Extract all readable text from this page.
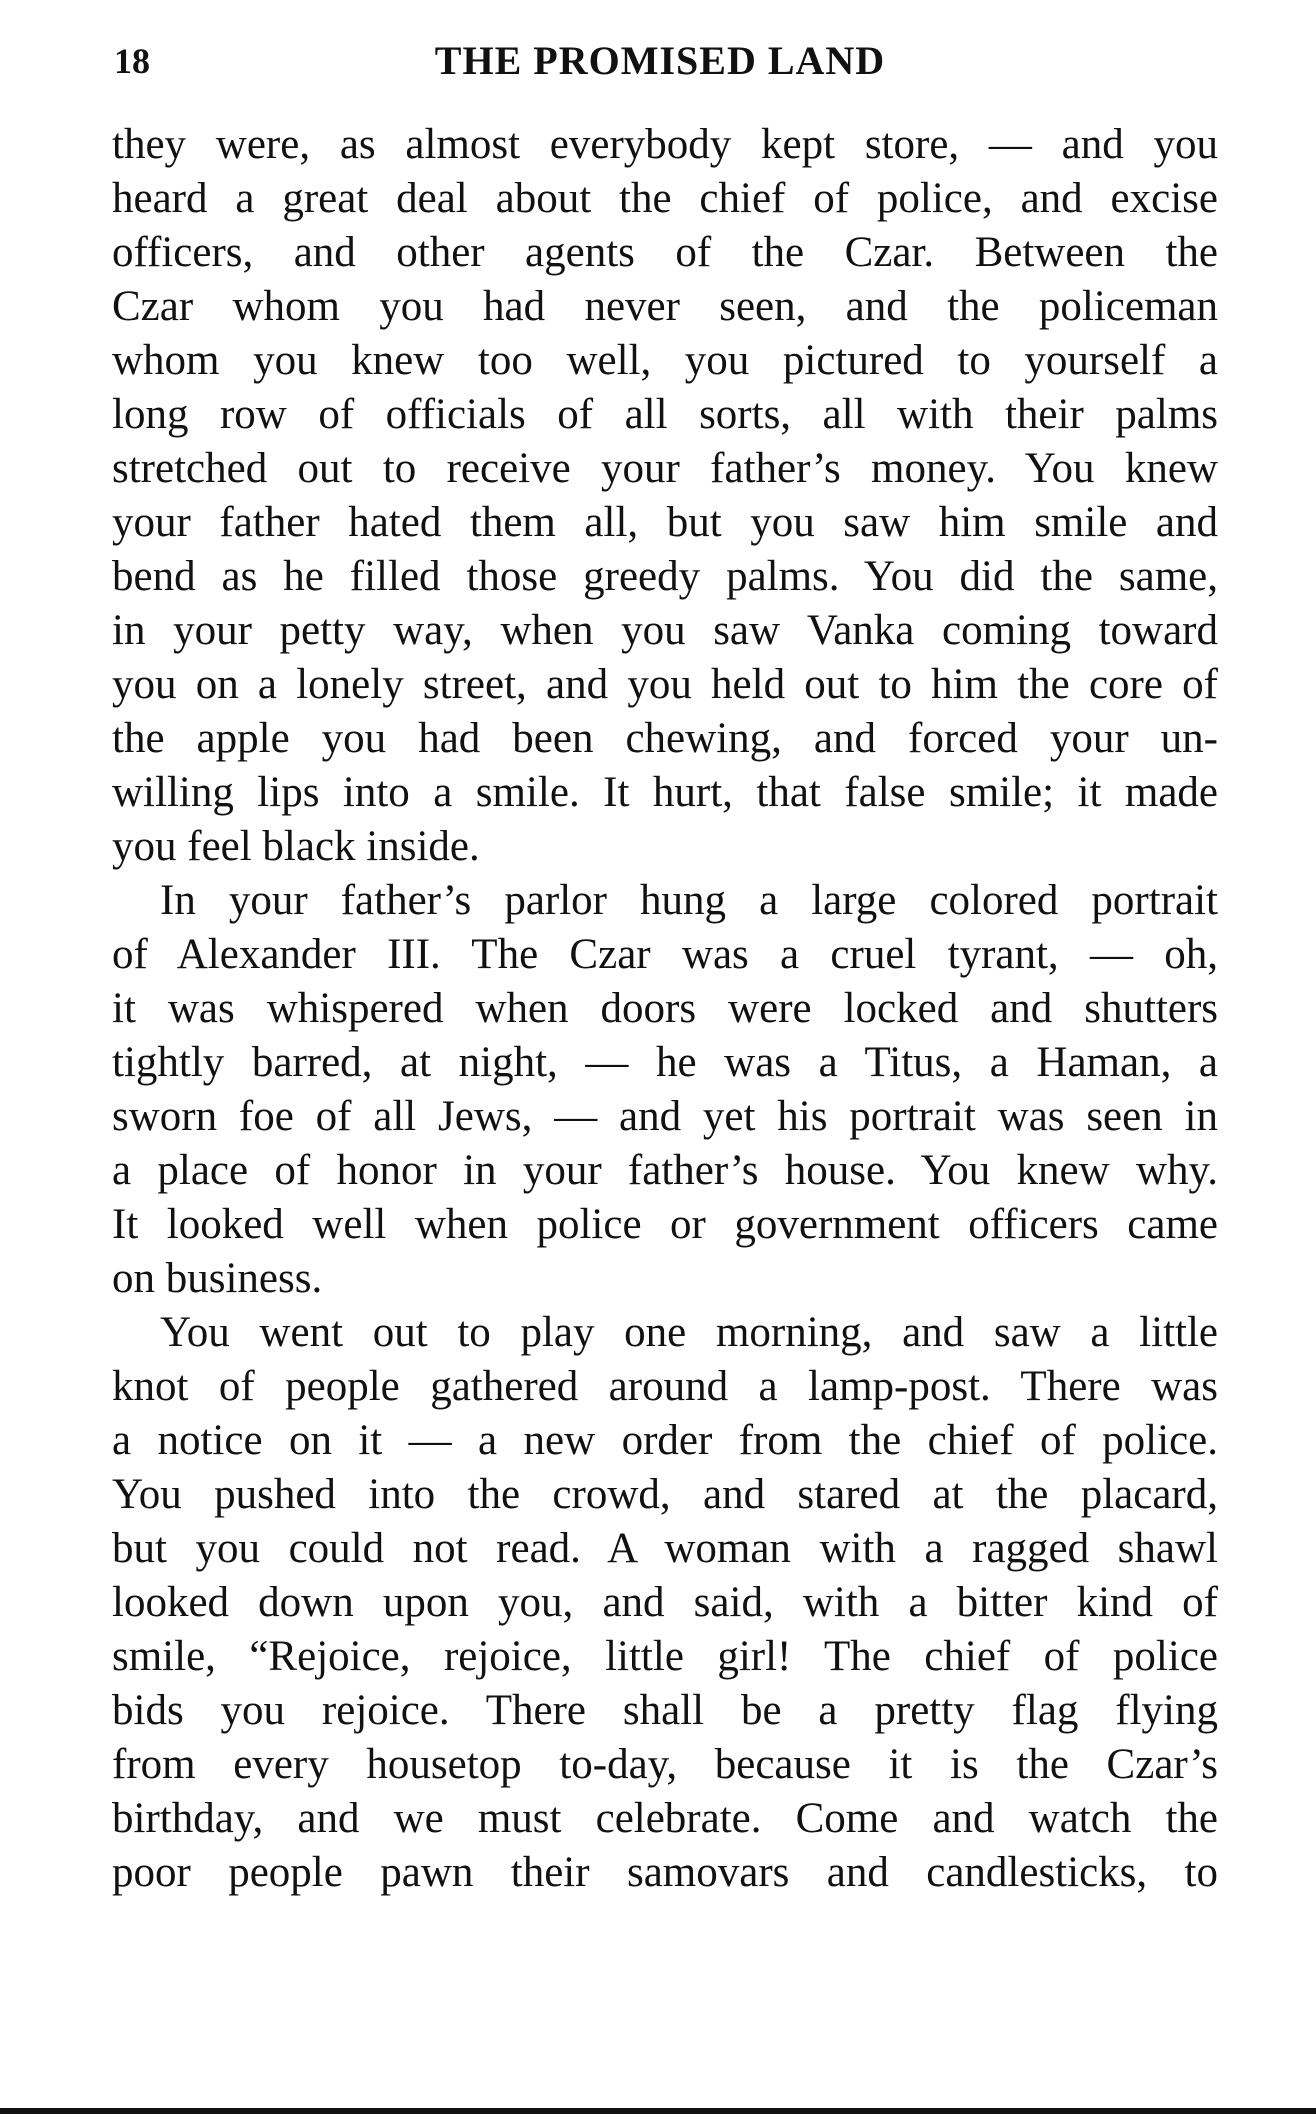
18	THE PROMISED LAND
they were, as almost everybody kept store, — and you
heard a great deal about the chief of police, and excise
officers, and other agents of the Czar. Between the
Czar whom you had never seen, and the policeman
whom you knew too well, you pictured to yourself a
long row of officials of all sorts, all with their palms
stretched out to receive your father’s money. You knew
your father hated them all, but you saw him smile and
bend as he filled those greedy palms. You did the same,
in your petty way, when you saw Vanka coming toward
you on a lonely street, and you held out to him the core of
the apple you had been chewing, and forced your un-
willing lips into a smile. It hurt, that false smile; it made
you feel black inside.
In your father’s parlor hung a large colored portrait
of Alexander III. The Czar was a cruel tyrant, — oh,
it was whispered when doors were locked and shutters
tightly barred, at night, — he was a Titus, a Haman, a
sworn foe of all Jews, — and yet his portrait was seen in
a place of honor in your father’s house. You knew why.
It looked well when police or government officers came
on business.
You went out to play one morning, and saw a little
knot of people gathered around a lamp-post. There was
a notice on it — a new order from the chief of police.
You pushed into the crowd, and stared at the placard,
but you could not read. A woman with a ragged shawl
looked down upon you, and said, with a bitter kind of
smile, “Rejoice, rejoice, little girl! The chief of police
bids you rejoice. There shall be a pretty flag flying
from every housetop to-day, because it is the Czar’s
birthday, and we must celebrate. Come and watch the
poor people pawn their samovars and candlesticks, to
